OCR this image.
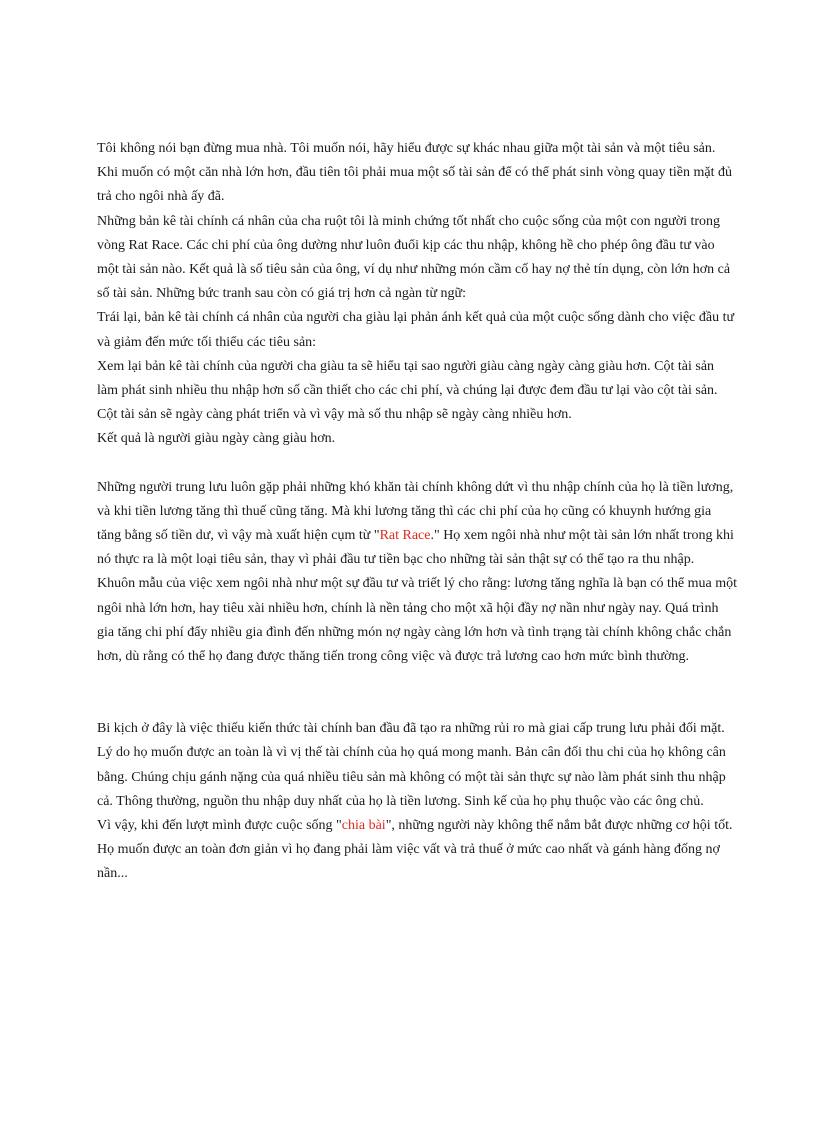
Tôi không nói bạn đừng mua nhà. Tôi muốn nói, hãy hiểu được sự khác nhau giữa một tài sản và một tiêu sản. Khi muốn có một căn nhà lớn hơn, đầu tiên tôi phải mua một số tài sản để có thể phát sinh vòng quay tiền mặt đủ trả cho ngôi nhà ấy đã.

Những bản kê tài chính cá nhân của cha ruột tôi là minh chứng tốt nhất cho cuộc sống của một con người trong vòng Rat Race. Các chi phí của ông dường như luôn đuổi kịp các thu nhập, không hề cho phép ông đầu tư vào một tài sản nào. Kết quả là số tiêu sản của ông, ví dụ như những món cầm cố hay nợ thẻ tín dụng, còn lớn hơn cả số tài sản. Những bức tranh sau còn có giá trị hơn cả ngàn từ ngữ:

Trái lại, bản kê tài chính cá nhân của người cha giàu lại phản ánh kết quả của một cuộc sống dành cho việc đầu tư và giảm đến mức tối thiểu các tiêu sản:

Xem lại bản kê tài chính của người cha giàu ta sẽ hiểu tại sao người giàu càng ngày càng giàu hơn. Cột tài sản làm phát sinh nhiều thu nhập hơn số cần thiết cho các chi phí, và chúng lại được đem đầu tư lại vào cột tài sản. Cột tài sản sẽ ngày càng phát triển và vì vậy mà số thu nhập sẽ ngày càng nhiều hơn.

Kết quả là người giàu ngày càng giàu hơn.

Những người trung lưu luôn gặp phải những khó khăn tài chính không dứt vì thu nhập chính của họ là tiền lương, và khi tiền lương tăng thì thuế cũng tăng. Mà khi lương tăng thì các chi phí của họ cũng có khuynh hướng gia tăng bằng số tiền dư, vì vậy mà xuất hiện cụm từ "Rat Race." Họ xem ngôi nhà như một tài sản lớn nhất trong khi nó thực ra là một loại tiêu sản, thay vì phải đầu tư tiền bạc cho những tài sản thật sự có thể tạo ra thu nhập.

Khuôn mẫu của việc xem ngôi nhà như một sự đầu tư và triết lý cho rằng: lương tăng nghĩa là bạn có thể mua một ngôi nhà lớn hơn, hay tiêu xài nhiều hơn, chính là nền tảng cho một xã hội đầy nợ nần như ngày nay. Quá trình gia tăng chi phí đẩy nhiều gia đình đến những món nợ ngày càng lớn hơn và tình trạng tài chính không chắc chắn hơn, dù rằng có thể họ đang được thăng tiến trong công việc và được trả lương cao hơn mức bình thường.

Bi kịch ở đây là việc thiếu kiến thức tài chính ban đầu đã tạo ra những rủi ro mà giai cấp trung lưu phải đối mặt. Lý do họ muốn được an toàn là vì vị thế tài chính của họ quá mong manh. Bản cân đối thu chi của họ không cân bằng. Chúng chịu gánh nặng của quá nhiều tiêu sản mà không có một tài sản thực sự nào làm phát sinh thu nhập cả. Thông thường, nguồn thu nhập duy nhất của họ là tiền lương. Sinh kế của họ phụ thuộc vào các ông chủ.

Vì vậy, khi đến lượt mình được cuộc sống "chia bài", những người này không thể nắm bắt được những cơ hội tốt. Họ muốn được an toàn đơn giản vì họ đang phải làm việc vất và trả thuế ở mức cao nhất và gánh hàng đống nợ nần...
